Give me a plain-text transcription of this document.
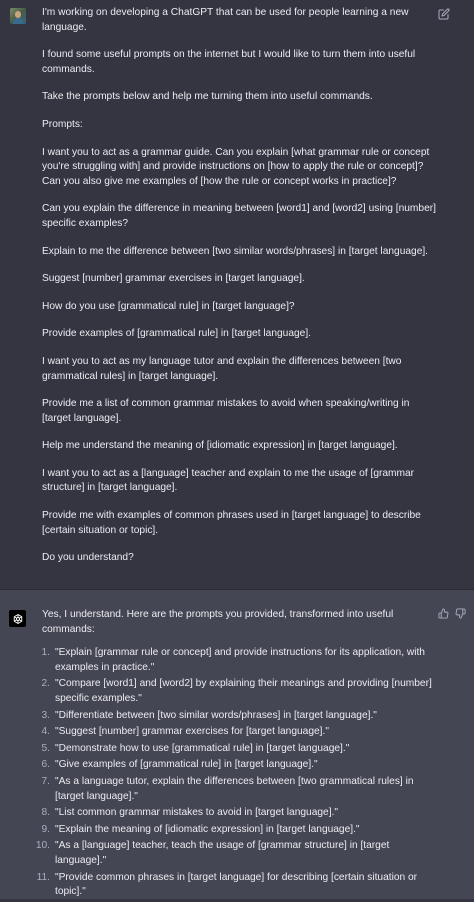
I'm working on developing a ChatGPT that can be used for people learning a new language.

I found some useful prompts on the internet but I would like to turn them into useful commands.

Take the prompts below and help me turning them into useful commands.

Prompts:

I want you to act as a grammar guide. Can you explain [what grammar rule or concept you're struggling with] and provide instructions on [how to apply the rule or concept]? Can you also give me examples of [how the rule or concept works in practice]?

Can you explain the difference in meaning between [word1] and [word2] using [number] specific examples?

Explain to me the difference between [two similar words/phrases] in [target language].

Suggest [number] grammar exercises in [target language].

How do you use [grammatical rule] in [target language]?

Provide examples of [grammatical rule] in [target language].

I want you to act as my language tutor and explain the differences between [two grammatical rules] in [target language].

Provide me a list of common grammar mistakes to avoid when speaking/writing in [target language].

Help me understand the meaning of [idiomatic expression] in [target language].

I want you to act as a [language] teacher and explain to me the usage of [grammar structure] in [target language].

Provide me with examples of common phrases used in [target language] to describe [certain situation or topic].

Do you understand?

Yes, I understand. Here are the prompts you provided, transformed into useful commands:

1. "Explain [grammar rule or concept] and provide instructions for its application, with examples in practice."
2. "Compare [word1] and [word2] by explaining their meanings and providing [number] specific examples."
3. "Differentiate between [two similar words/phrases] in [target language]."
4. "Suggest [number] grammar exercises for [target language]."
5. "Demonstrate how to use [grammatical rule] in [target language]."
6. "Give examples of [grammatical rule] in [target language]."
7. "As a language tutor, explain the differences between [two grammatical rules] in [target language]."
8. "List common grammar mistakes to avoid in [target language]."
9. "Explain the meaning of [idiomatic expression] in [target language]."
10. "As a [language] teacher, teach the usage of [grammar structure] in [target language]."
11. "Provide common phrases in [target language] for describing [certain situation or topic]."
